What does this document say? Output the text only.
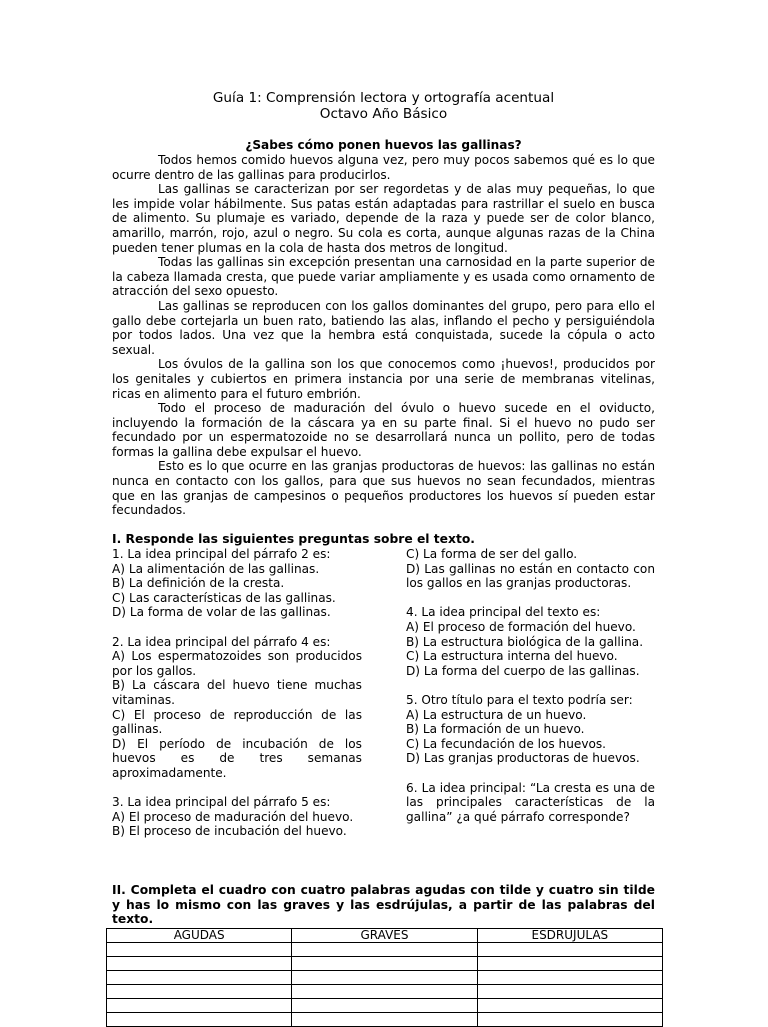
Guía 1: Comprensión lectora y ortografía acentual
Octavo Año Básico
¿Sabes cómo ponen huevos las gallinas?

Todos hemos comido huevos alguna vez, pero muy pocos sabemos qué es lo que ocurre dentro de las gallinas para producirlos.

Las gallinas se caracterizan por ser regordetas y de alas muy pequeñas, lo que les impide volar hábilmente. Sus patas están adaptadas para rastrillar el suelo en busca de alimento. Su plumaje es variado, depende de la raza y puede ser de color blanco, amarillo, marrón, rojo, azul o negro. Su cola es corta, aunque algunas razas de la China pueden tener plumas en la cola de hasta dos metros de longitud.

Todas las gallinas sin excepción presentan una carnosidad en la parte superior de la cabeza llamada cresta, que puede variar ampliamente y es usada como ornamento de atracción del sexo opuesto.

Las gallinas se reproducen con los gallos dominantes del grupo, pero para ello el gallo debe cortejarla un buen rato, batiendo las alas, inflando el pecho y persiguiéndola por todos lados. Una vez que la hembra está conquistada, sucede la cópula o acto sexual.

Los óvulos de la gallina son los que conocemos como ¡huevos!, producidos por los genitales y cubiertos en primera instancia por una serie de membranas vitelinas, ricas en alimento para el futuro embrión.

Todo el proceso de maduración del óvulo o huevo sucede en el oviducto, incluyendo la formación de la cáscara ya en su parte final. Si el huevo no pudo ser fecundado por un espermatozoide no se desarrollará nunca un pollito, pero de todas formas la gallina debe expulsar el huevo.

Esto es lo que ocurre en las granjas productoras de huevos: las gallinas no están nunca en contacto con los gallos, para que sus huevos no sean fecundados, mientras que en las granjas de campesinos o pequeños productores los huevos sí pueden estar fecundados.

I. Responde las siguientes preguntas sobre el texto.
1. La idea principal del párrafo 2 es:
A) La alimentación de las gallinas.
B) La definición de la cresta.
C) Las características de las gallinas.
D) La forma de volar de las gallinas.
2. La idea principal del párrafo 4 es:
A) Los espermatozoides son producidos por los gallos.
B) La cáscara del huevo tiene muchas vitaminas.
C) El proceso de reproducción de las gallinas.
D) El período de incubación de los huevos es de tres semanas aproximadamente.
3. La idea principal del párrafo 5 es:
A) El proceso de maduración del huevo.
B) El proceso de incubación del huevo.
C) La forma de ser del gallo.
D) Las gallinas no están en contacto con los gallos en las granjas productoras.
4. La idea principal del texto es:
A) El proceso de formación del huevo.
B) La estructura biológica de la gallina.
C) La estructura interna del huevo.
D) La forma del cuerpo de las gallinas.
5. Otro título para el texto podría ser:
A) La estructura de un huevo.
B) La formación de un huevo.
C) La fecundación de los huevos.
D) Las granjas productoras de huevos.
6. La idea principal: “La cresta es una de las principales características de la gallina” ¿a qué párrafo corresponde?
II. Completa el cuadro con cuatro palabras agudas con tilde y cuatro sin tilde y has lo mismo con las graves y las esdrújulas, a partir de las palabras del texto.
AGUDAS	GRAVES	ESDRUJULAS
